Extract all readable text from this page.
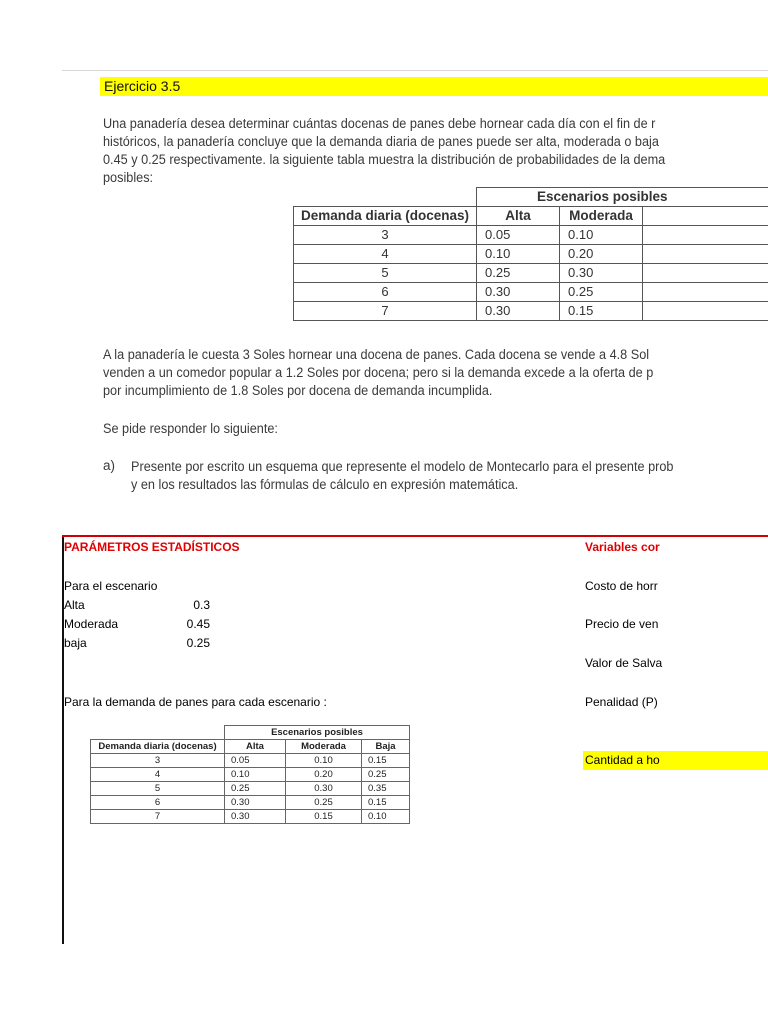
Ejercicio 3.5
Una panadería desea determinar cuántas docenas de panes debe hornear cada día con el fin de r
históricos, la panadería concluye que la demanda diaria de panes puede ser alta, moderada o baja
0.45 y 0.25 respectivamente. la siguiente tabla muestra la distribución de probabilidades de la dema
posibles:
	Escenarios posibles		
Demanda diaria (docenas)	Alta	Moderada	
3	0.05	0.10	
4	0.10	0.20	
5	0.25	0.30	
6	0.30	0.25	
7	0.30	0.15	
A la panadería le cuesta 3 Soles hornear una docena de panes. Cada docena se vende a 4.8 Sol
venden a un comedor popular a 1.2 Soles por docena; pero si la demanda excede a la oferta de p
por incumplimiento de 1.8 Soles por docena de demanda incumplida.
Se pide responder lo siguiente:
a) Presente por escrito un esquema que represente el modelo de Montecarlo para el presente prob
y en los resultados las fórmulas de cálculo en expresión matemática.
PARÁMETROS ESTADÍSTICOS	Variables cor
Para el escenario
Alta	0.3
Moderada	0.45
baja	0.25
Para la demanda de panes para cada escenario :
Costo de horr
Precio de ven
Valor de Salva
Penalidad (P)
Cantidad a ho
	Escenarios posibles		
Demanda diaria (docenas)	Alta	Moderada	Baja
3	0.05	0.10	0.15
4	0.10	0.20	0.25
5	0.25	0.30	0.35
6	0.30	0.25	0.15
7	0.30	0.15	0.10
